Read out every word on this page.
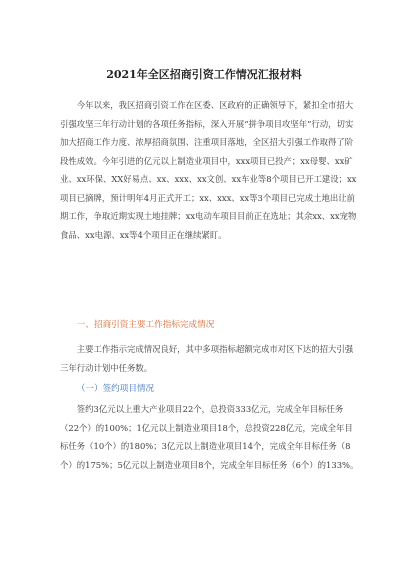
2021年全区招商引资工作情况汇报材料

今年以来，我区招商引资工作在区委、区政府的正确领导下，紧扣全市招大引强攻坚三年行动计划的各项任务指标，深入开展“拼争项目攻坚年”行动，切实加大招商工作力度、浓厚招商氛围、注重项目落地，全区招大引强工作取得了阶段性成效。今年引进的亿元以上制造业项目中，xxx项目已投产；xx母婴、xx矿业、xx环保、XX好易点、xx、xxx、xx文创、xx车业等8个项目已开工建设；xx项目已摘牌，预计明年4月正式开工；xx、xxx、xx等3个项目已完成土地出让前期工作，争取近期实现土地挂牌；xx电动车项目目前正在选址；其余xx、xx宠物食品、xx电源、xx等4个项目正在继续紧盯。

一、招商引资主要工作指标完成情况

主要工作指示完成情况良好，其中多项指标超额完成市对区下达的招大引强三年行动计划中任务数。

（一）签约项目情况

签约3亿元以上重大产业项目22个，总投资333亿元，完成全年目标任务（22个）的100%；1亿元以上制造业项目18个，总投资228亿元，完成全年目标任务（10个）的180%；3亿元以上制造业项目14个，完成全年目标任务（8个）的175%；5亿元以上制造业项目8个，完成全年目标任务（6个）的133%。
